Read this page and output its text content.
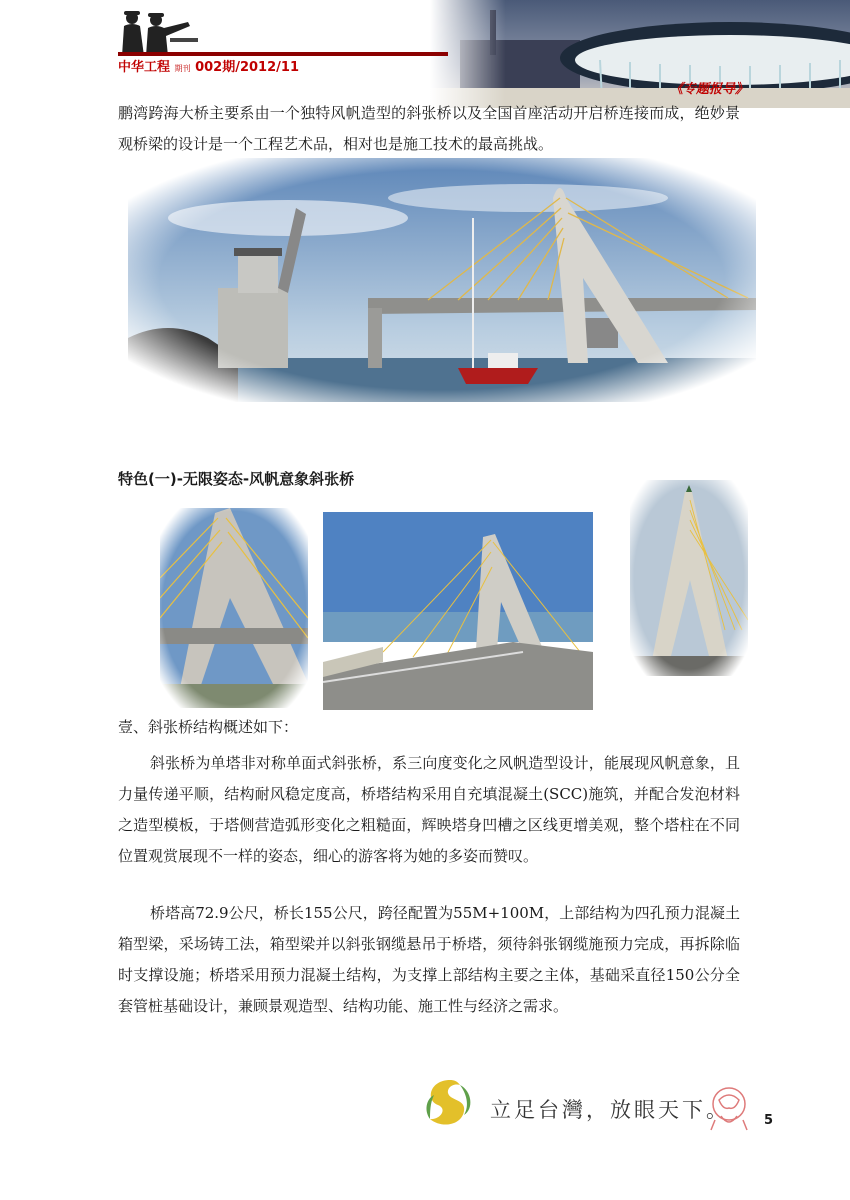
中华工程 期刊 002期/2012/11
《专题报导》
鹏湾跨海大桥主要系由一个独特风帆造型的斜张桥以及全国首座活动开启桥连接而成，绝妙景观桥梁的设计是一个工程艺术品，相对也是施工技术的最高挑战。
特色(一)-无限姿态-风帆意象斜张桥
壹、斜张桥结构概述如下：
斜张桥为单塔非对称单面式斜张桥，系三向度变化之风帆造型设计，能展现风帆意象，且力量传递平顺，结构耐风稳定度高，桥塔结构采用自充填混凝土(SCC)施筑，并配合发泡材料之造型模板，于塔侧营造弧形变化之粗糙面，辉映塔身凹槽之区线更增美观，整个塔柱在不同位置观赏展现不一样的姿态，细心的游客将为她的多姿而赞叹。
桥塔高72.9公尺，桥长155公尺，跨径配置为55M+100M，上部结构为四孔预力混凝土箱型梁，采场铸工法，箱型梁并以斜张钢缆悬吊于桥塔，须待斜张钢缆施预力完成，再拆除临时支撑设施；桥塔采用预力混凝土结构，为支撑上部结构主要之主体，基础采直径150公分全套管桩基础设计，兼顾景观造型、结构功能、施工性与经济之需求。
立足台灣，放眼天下。	5
